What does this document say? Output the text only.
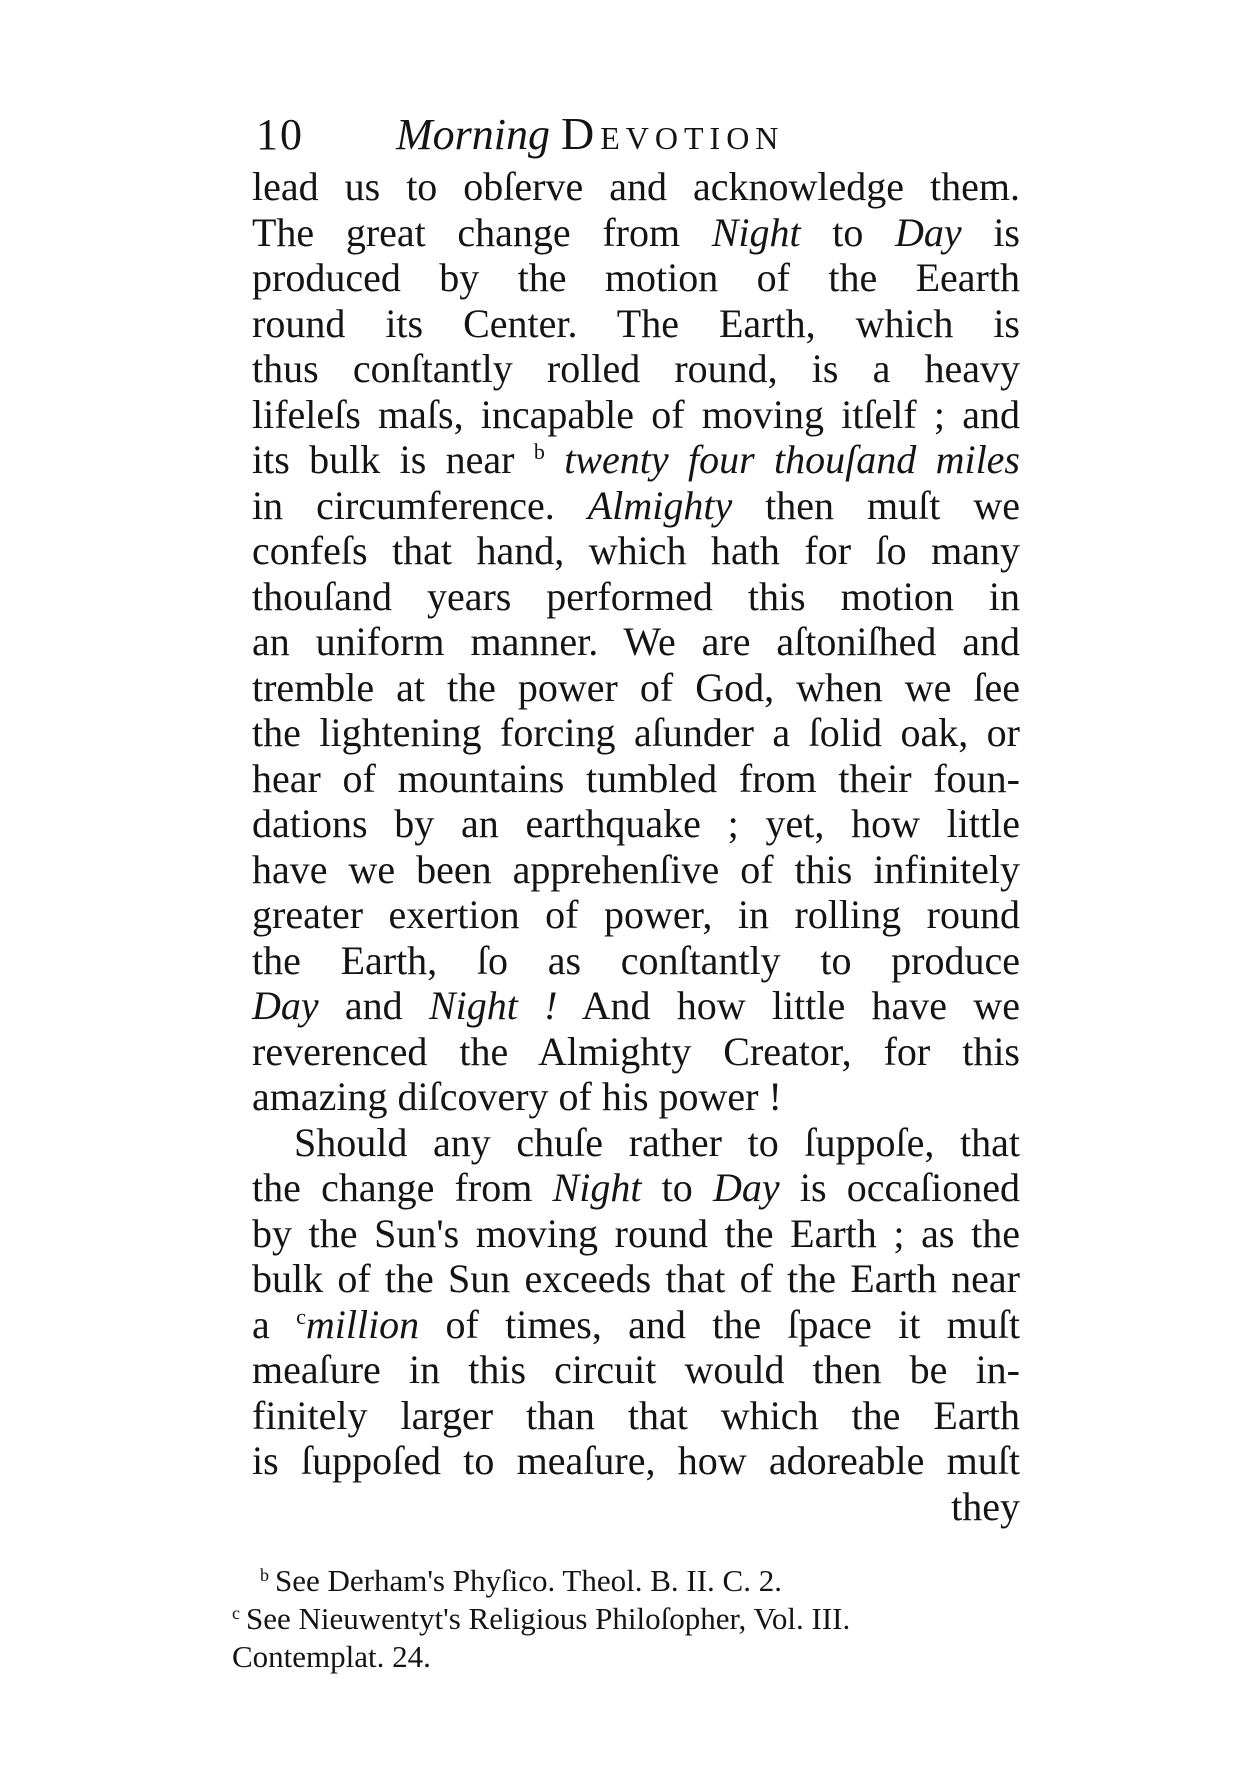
10 Morning Devotion
lead us to obſerve and acknowledge them.
The great change from Night to Day is
produced by the motion of the Eearth
round its Center. The Earth, which is
thus conſtantly rolled round, is a heavy
lifeleſs maſs, incapable of moving itſelf ; and
its bulk is near $^b$ twenty four thouſand miles
in circumference. Almighty then muſt we
confeſs that hand, which hath for ſo many
thouſand years performed this motion in
an uniform manner. We are aſtoniſhed and
tremble at the power of God, when we ſee
the lightening forcing aſunder a ſolid oak, or
hear of mountains tumbled from their foun-
dations by an earthquake ; yet, how little
have we been apprehenſive of this infinitely
greater exertion of power, in rolling round
the Earth, ſo as conſtantly to produce
Day and Night ! And how little have we
reverenced the Almighty Creator, for this
amazing diſcovery of his power !
Should any chuſe rather to ſuppoſe, that
the change from Night to Day is occaſioned
by the Sun's moving round the Earth ; as the
bulk of the Sun exceeds that of the Earth near
a $^c$million of times, and the ſpace it muſt
meaſure in this circuit would then be in-
finitely larger than that which the Earth
is ſuppoſed to meaſure, how adoreable muſt
they
$^b$ See Derham's Phyſico. Theol. B. II. C. 2.
$^c$ See Nieuwentyt's Religious Philoſopher, Vol. III.
Contemplat. 24.
